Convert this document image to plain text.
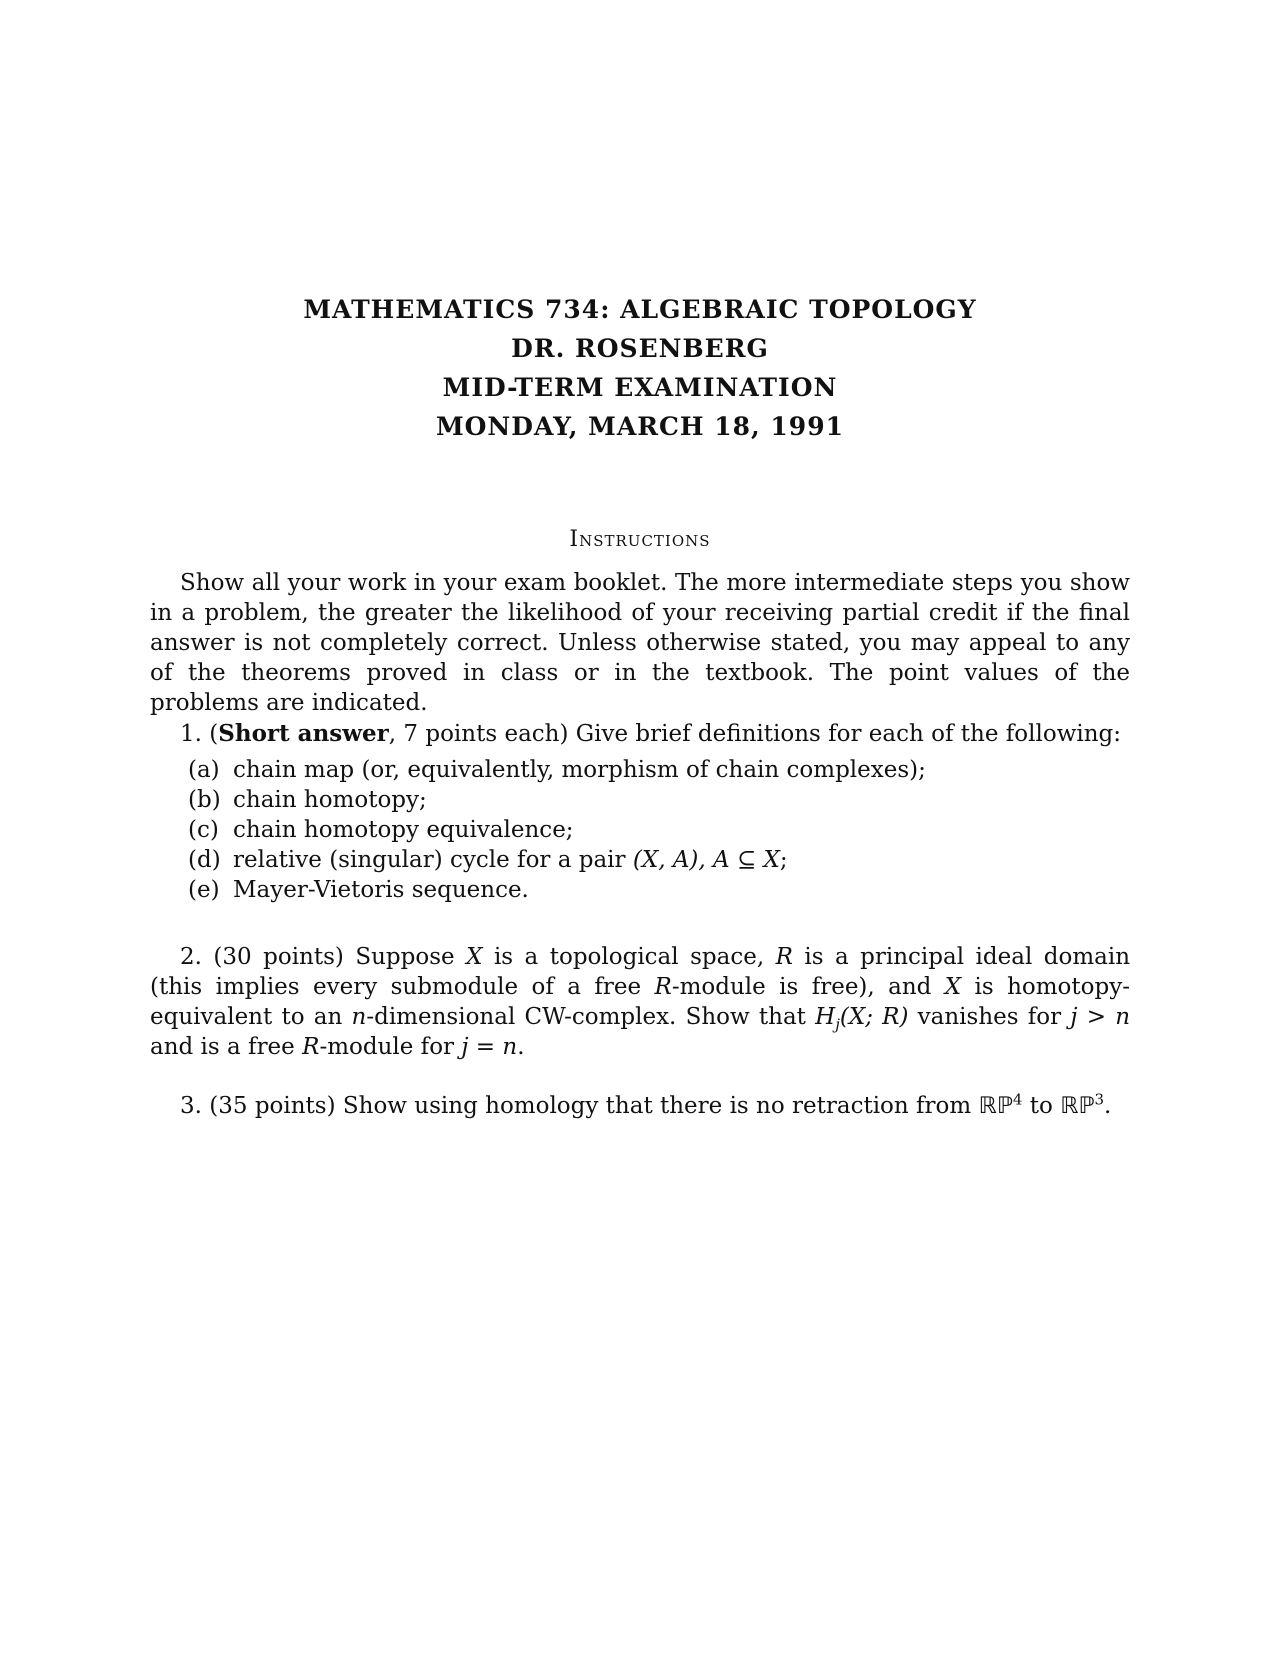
MATHEMATICS 734: ALGEBRAIC TOPOLOGY

DR. ROSENBERG

MID-TERM EXAMINATION

MONDAY, MARCH 18, 1991

Instructions
Show all your work in your exam booklet. The more intermediate steps you show in a problem, the greater the likelihood of your receiving partial credit if the final answer is not completely correct. Unless otherwise stated, you may appeal to any of the theorems proved in class or in the textbook. The point values of the problems are indicated.
1. (Short answer, 7 points each) Give brief definitions for each of the following:
(a) chain map (or, equivalently, morphism of chain complexes);
(b) chain homotopy;
(c) chain homotopy equivalence;
(d) relative (singular) cycle for a pair (X, A), A ⊆ X;
(e) Mayer-Vietoris sequence.
2. (30 points) Suppose X is a topological space, R is a principal ideal domain (this implies every submodule of a free R-module is free), and X is homotopy-equivalent to an n-dimensional CW-complex. Show that $H_j(X$; R) vanishes for j > n and is a free R-module for j = n.
3. (35 points) Show using homology that there is no retraction from ℝℙ$^4$ to ℝℙ$^3$.
